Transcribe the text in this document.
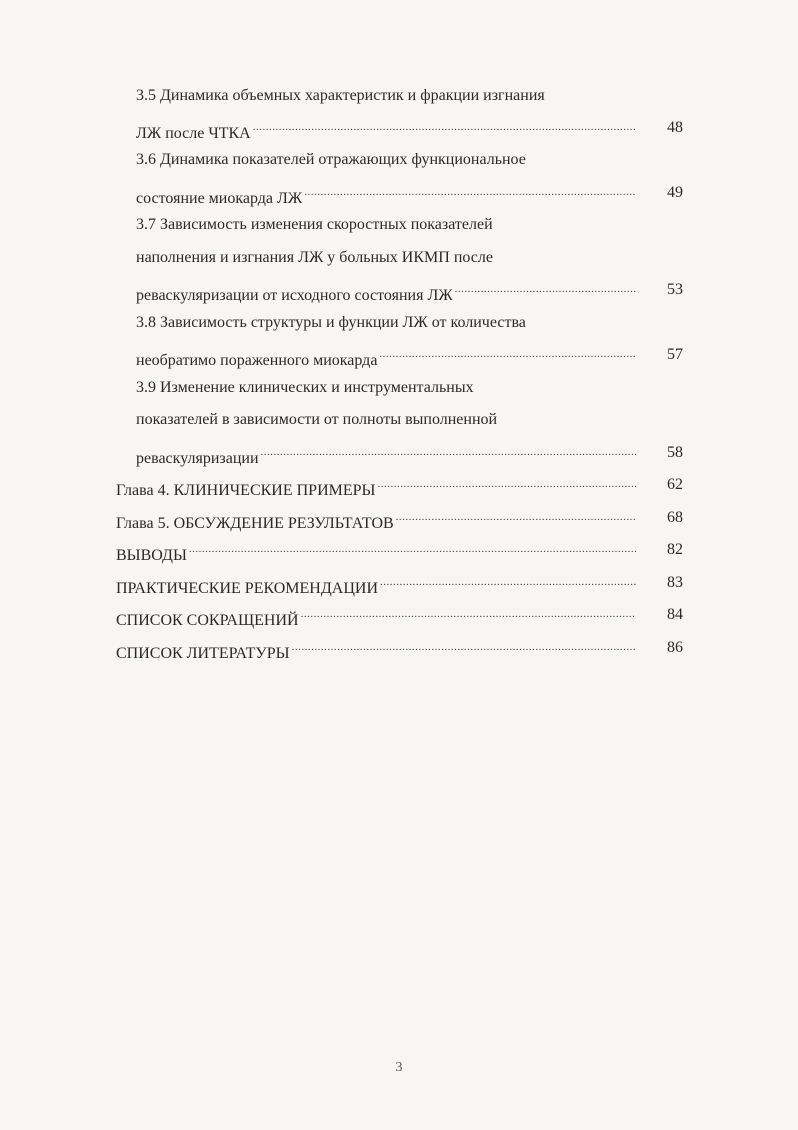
3.5 Динамика объемных характеристик и фракции изгнания
ЛЖ после ЧТКА .....	48
3.6 Динамика показателей отражающих функциональное
состояние миокарда ЛЖ .....	49
3.7 Зависимость изменения скоростных показателей
наполнения и изгнания ЛЖ у больных ИКМП после
реваскуляризации от исходного состояния ЛЖ .....	53
3.8 Зависимость структуры и функции ЛЖ от количества
необратимо пораженного миокарда .....	57
3.9 Изменение клинических и инструментальных
показателей в зависимости от полноты выполненной
реваскуляризации .....	58
Глава 4. КЛИНИЧЕСКИЕ ПРИМЕРЫ .....	62
Глава 5. ОБСУЖДЕНИЕ РЕЗУЛЬТАТОВ .....	68
ВЫВОДЫ .....	82
ПРАКТИЧЕСКИЕ РЕКОМЕНДАЦИИ .....	83
СПИСОК СОКРАЩЕНИЙ .....	84
СПИСОК ЛИТЕРАТУРЫ .....	86
3
